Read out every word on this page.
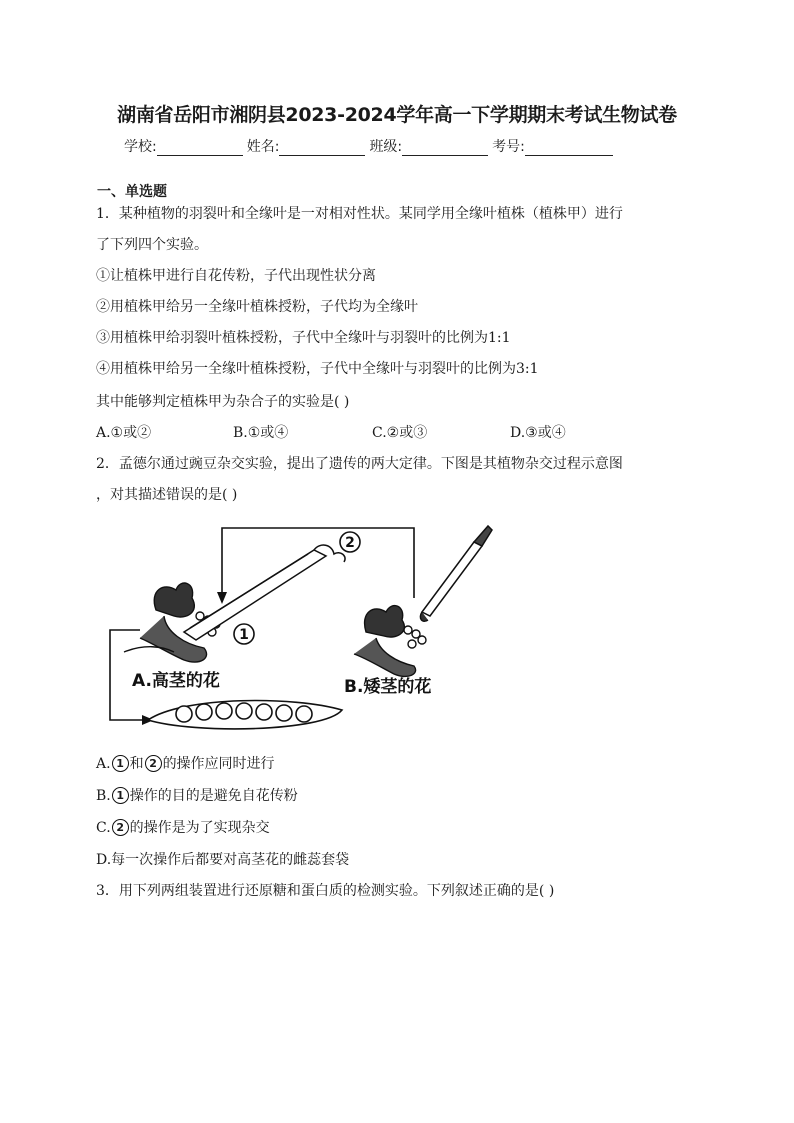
湖南省岳阳市湘阴县2023-2024学年高一下学期期末考试生物试卷
学校:	姓名:	班级:	考号:
一、单选题
1．某种植物的羽裂叶和全缘叶是一对相对性状。某同学用全缘叶植株（植株甲）进行
了下列四个实验。
①让植株甲进行自花传粉，子代出现性状分离
②用植株甲给另一全缘叶植株授粉，子代均为全缘叶
③用植株甲给羽裂叶植株授粉，子代中全缘叶与羽裂叶的比例为1:1
④用植株甲给另一全缘叶植株授粉，子代中全缘叶与羽裂叶的比例为3:1
其中能够判定植株甲为杂合子的实验是( )
A.①或②	B.①或④	C.②或③	D.③或④
2．孟德尔通过豌豆杂交实验，提出了遗传的两大定律。下图是其植物杂交过程示意图
，对其描述错误的是( )
1
2
A.高茎的花	B.矮茎的花
A. 1 和 2 的操作应同时进行
B. 1 操作的目的是避免自花传粉
C. 2 的操作是为了实现杂交
D.每一次操作后都要对高茎花的雌蕊套袋
3．用下列两组装置进行还原糖和蛋白质的检测实验。下列叙述正确的是( )
